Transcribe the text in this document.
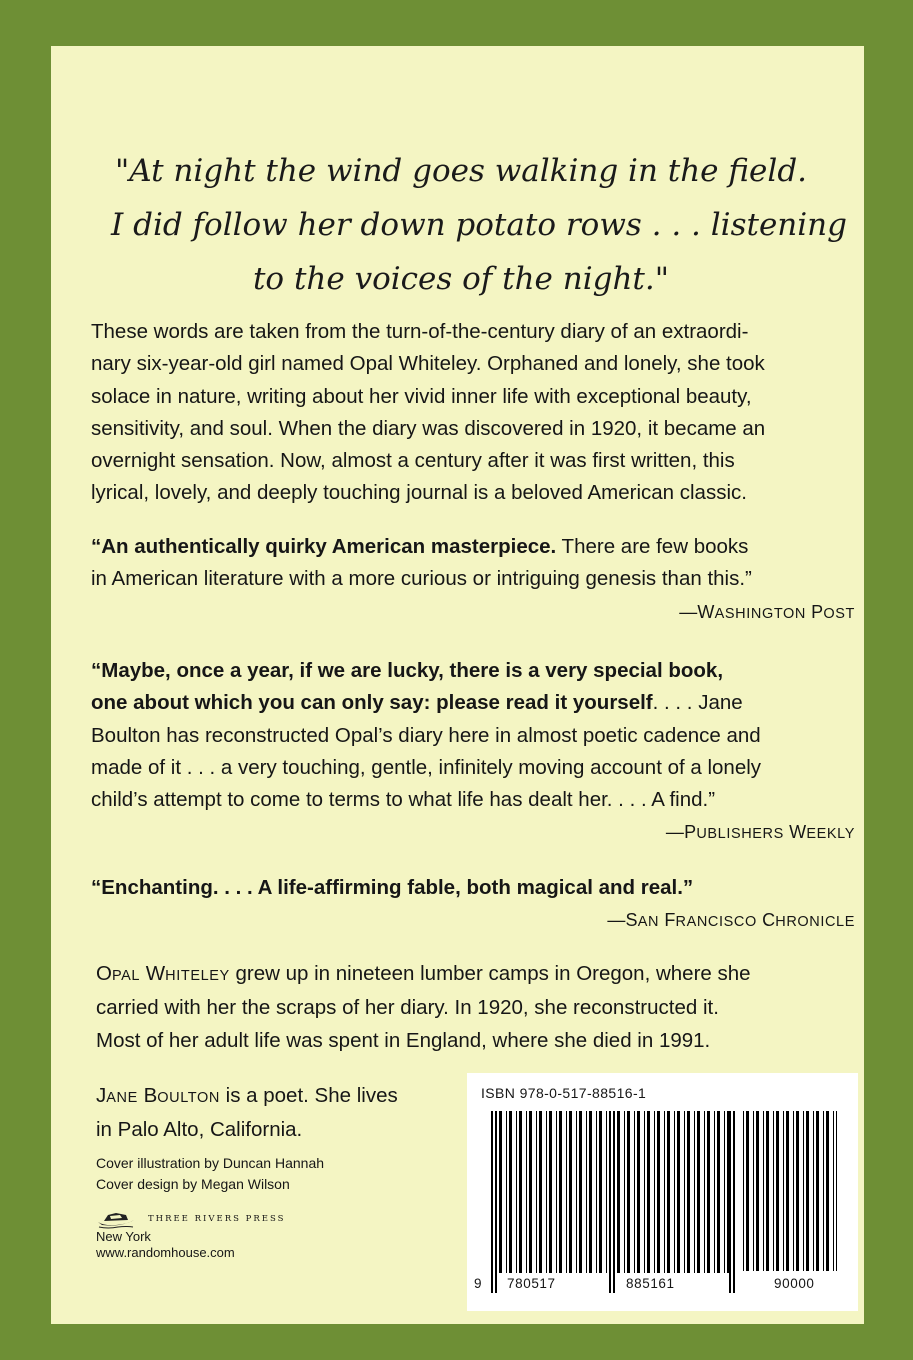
"At night the wind goes walking in the field.
I did follow her down potato rows . . . listening
to the voices of the night."
These words are taken from the turn-of-the-century diary of an extraordi-
nary six-year-old girl named Opal Whiteley. Orphaned and lonely, she took
solace in nature, writing about her vivid inner life with exceptional beauty,
sensitivity, and soul. When the diary was discovered in 1920, it became an
overnight sensation. Now, almost a century after it was first written, this
lyrical, lovely, and deeply touching journal is a beloved American classic.
“An authentically quirky American masterpiece. There are few books
in American literature with a more curious or intriguing genesis than this.”
—WASHINGTON POST
“Maybe, once a year, if we are lucky, there is a very special book,
one about which you can only say: please read it yourself. . . . Jane
Boulton has reconstructed Opal’s diary here in almost poetic cadence and
made of it . . . a very touching, gentle, infinitely moving account of a lonely
child’s attempt to come to terms to what life has dealt her. . . . A find.”
—PUBLISHERS WEEKLY
“Enchanting. . . . A life-affirming fable, both magical and real.”
—SAN FRANCISCO CHRONICLE
OPAL WHITELEY grew up in nineteen lumber camps in Oregon, where she
carried with her the scraps of her diary. In 1920, she reconstructed it.
Most of her adult life was spent in England, where she died in 1991.
JANE BOULTON is a poet. She lives
in Palo Alto, California.
Cover illustration by Duncan Hannah
Cover design by Megan Wilson
THREE RIVERS PRESS
New York
www.randomhouse.com
ISBN 978-0-517-88516-1
9 780517	885161	90000
